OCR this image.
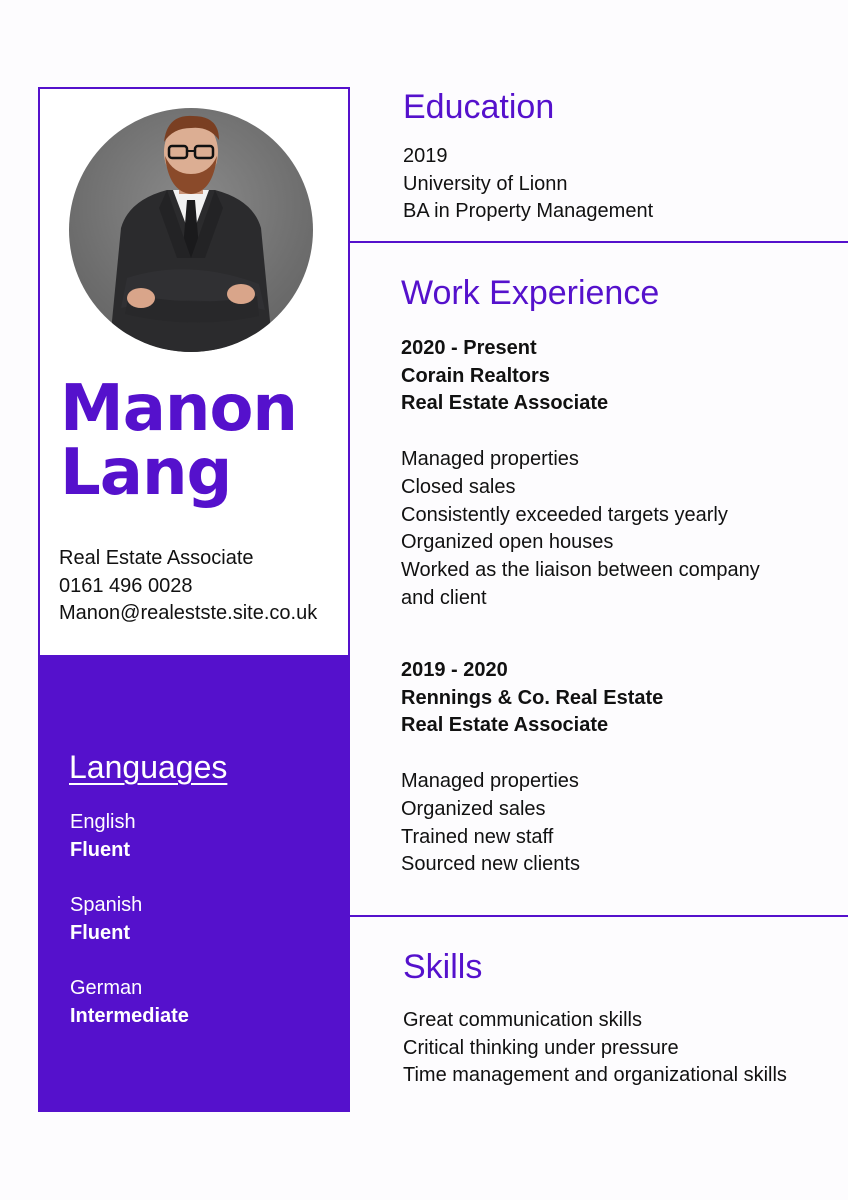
Manon
Lang
Real Estate Associate
0161 496 0028
Manon@realestste.site.co.uk
Languages
English
Fluent
Spanish
Fluent
German
Intermediate
Education
2019
University of Lionn
BA in Property Management
Work Experience
2020 - Present
Corain Realtors
Real Estate Associate
Managed properties
Closed sales
Consistently exceeded targets yearly
Organized open houses
Worked as the liaison between company
and client
2019 - 2020
Rennings & Co. Real Estate
Real Estate Associate
Managed properties
Organized sales
Trained new staff
Sourced new clients
Skills
Great communication skills
Critical thinking under pressure
Time management and organizational skills
